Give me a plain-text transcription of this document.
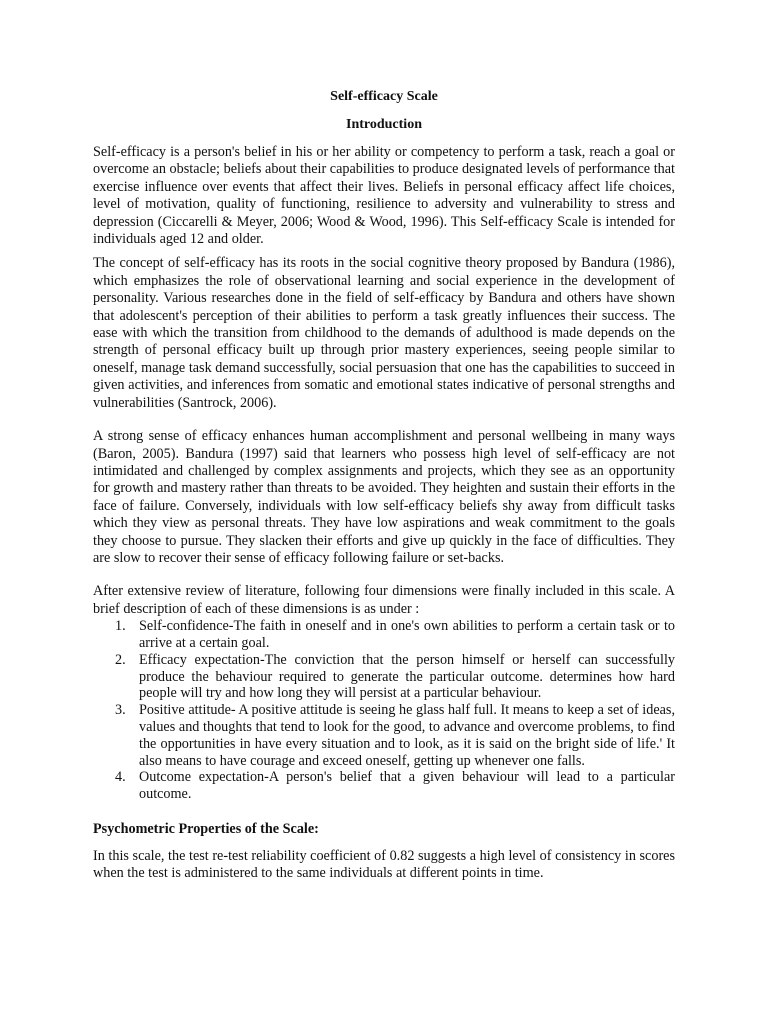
Self-efficacy Scale
Introduction

Self-efficacy is a person's belief in his or her ability or competency to perform a task, reach a goal or overcome an obstacle; beliefs about their capabilities to produce designated levels of performance that exercise influence over events that affect their lives. Beliefs in personal efficacy affect life choices, level of motivation, quality of functioning, resilience to adversity and vulnerability to stress and depression (Ciccarelli & Meyer, 2006; Wood & Wood, 1996). This Self-efficacy Scale is intended for individuals aged 12 and older.

The concept of self-efficacy has its roots in the social cognitive theory proposed by Bandura (1986), which emphasizes the role of observational learning and social experience in the development of personality. Various researches done in the field of self-efficacy by Bandura and others have shown that adolescent's perception of their abilities to perform a task greatly influences their success. The ease with which the transition from childhood to the demands of adulthood is made depends on the strength of personal efficacy built up through prior mastery experiences, seeing people similar to oneself, manage task demand successfully, social persuasion that one has the capabilities to succeed in given activities, and inferences from somatic and emotional states indicative of personal strengths and vulnerabilities (Santrock, 2006).

A strong sense of efficacy enhances human accomplishment and personal wellbeing in many ways (Baron, 2005). Bandura (1997) said that learners who possess high level of self-efficacy are not intimidated and challenged by complex assignments and projects, which they see as an opportunity for growth and mastery rather than threats to be avoided. They heighten and sustain their efforts in the face of failure. Conversely, individuals with low self-efficacy beliefs shy away from difficult tasks which they view as personal threats. They have low aspirations and weak commitment to the goals they choose to pursue. They slacken their efforts and give up quickly in the face of difficulties. They are slow to recover their sense of efficacy following failure or set-backs.

After extensive review of literature, following four dimensions were finally included in this scale. A brief description of each of these dimensions is as under :

1. Self-confidence-The faith in oneself and in one's own abilities to perform a certain task or to arrive at a certain goal.
2. Efficacy expectation-The conviction that the person himself or herself can successfully produce the behaviour required to generate the particular outcome. determines how hard people will try and how long they will persist at a particular behaviour.
3. Positive attitude- A positive attitude is seeing he glass half full. It means to keep a set of ideas, values and thoughts that tend to look for the good, to advance and overcome problems, to find the opportunities in have every situation and to look, as it is said on the bright side of life.' It also means to have courage and exceed oneself, getting up whenever one falls.
4. Outcome expectation-A person's belief that a given behaviour will lead to a particular outcome.
Psychometric Properties of the Scale:

In this scale, the test re-test reliability coefficient of 0.82 suggests a high level of consistency in scores when the test is administered to the same individuals at different points in time.
